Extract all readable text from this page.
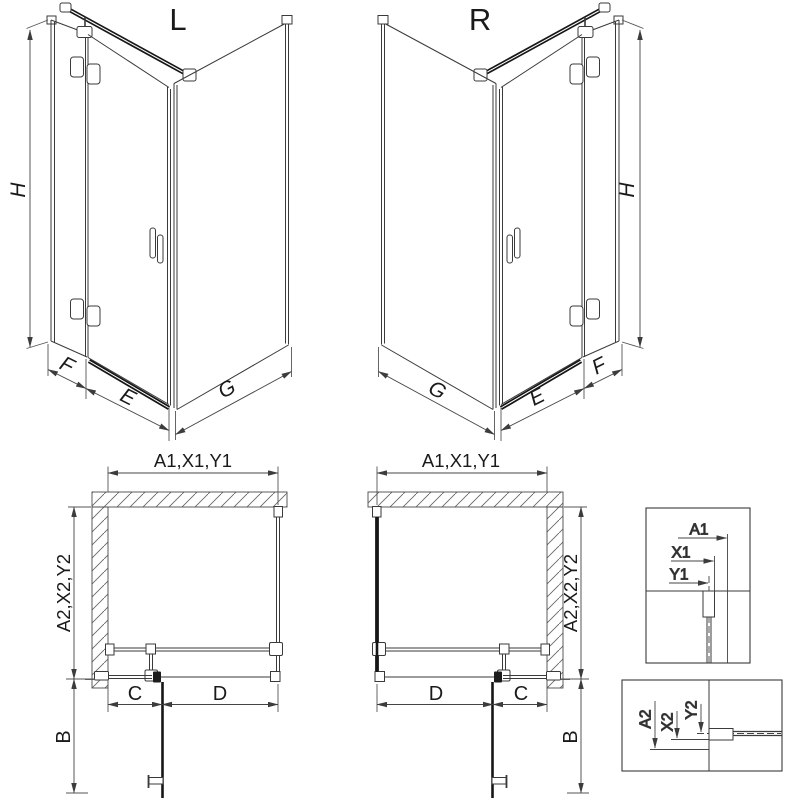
L
H
F
E	G
R
H
G	E
F
A1,X1,Y1
A2,X2,Y2
B
C	D
A1,X1,Y1
A2,X2,Y2
B
D	C
A1
X1
Y1
A2 X2
Y2
